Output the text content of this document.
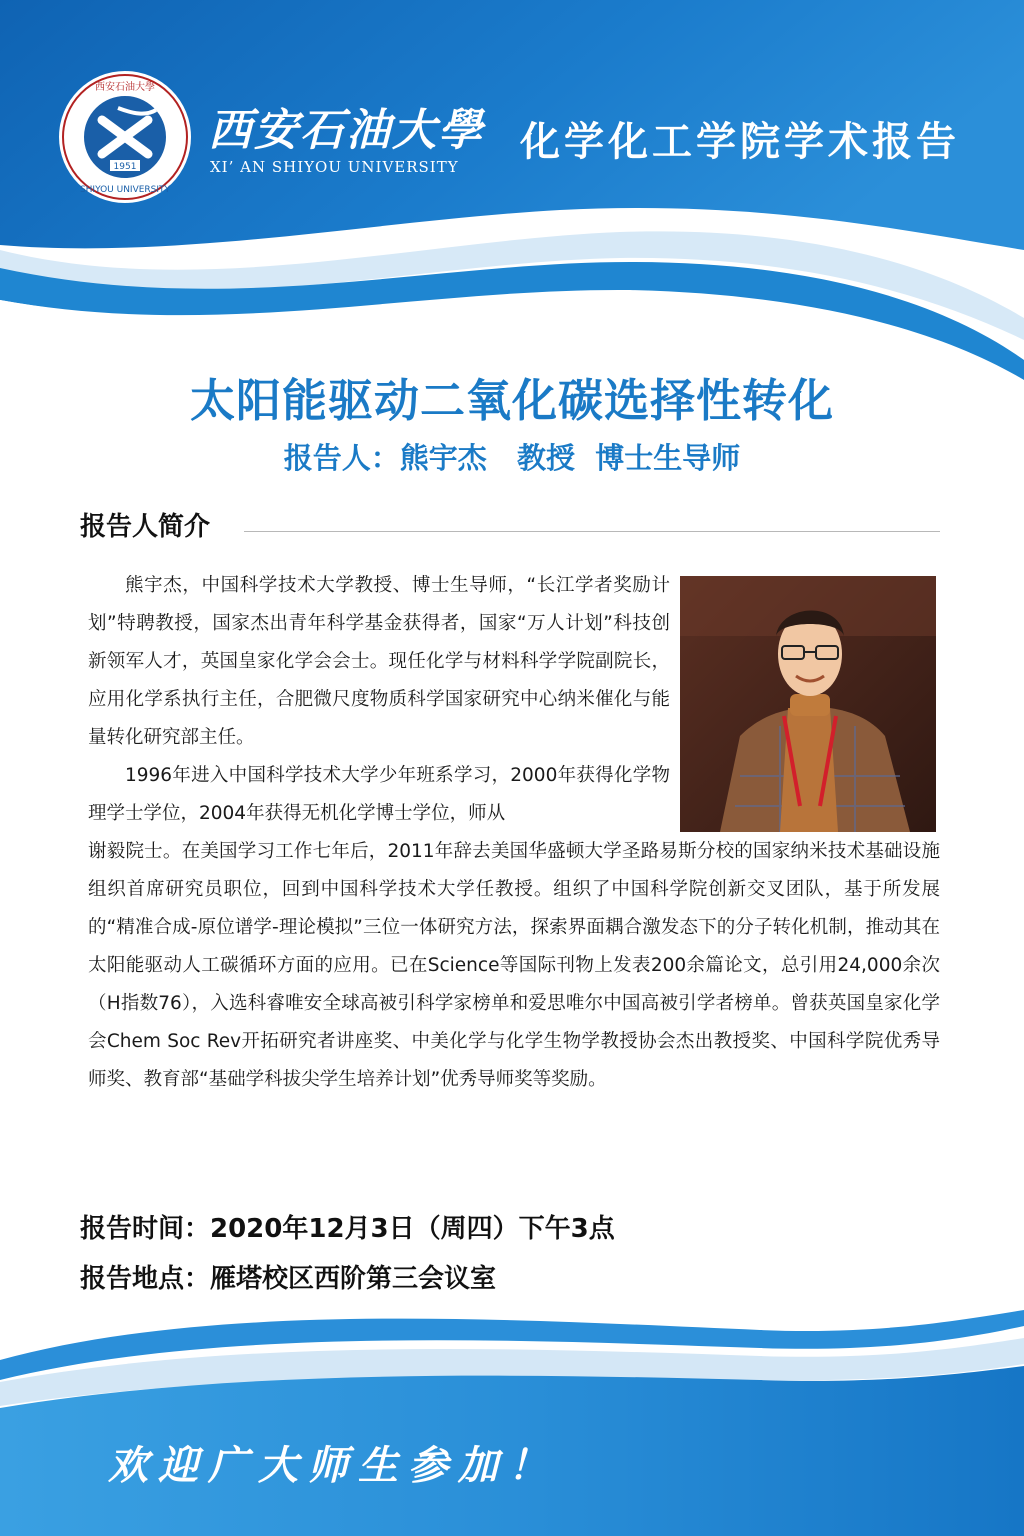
1951
SHIYOU UNIVERSITY
西安石油大學
西安石油大學
XI’ AN SHIYOU UNIVERSITY
化学化工学院学术报告
太阳能驱动二氧化碳选择性转化
报告人：熊宇杰   教授  博士生导师
报告人简介

熊宇杰，中国科学技术大学教授、博士生导师，“长江学者奖励计划”特聘教授，国家杰出青年科学基金获得者，国家“万人计划”科技创新领军人才，英国皇家化学会会士。现任化学与材料科学学院副院长，应用化学系执行主任，合肥微尺度物质科学国家研究中心纳米催化与能量转化研究部主任。

1996年进入中国科学技术大学少年班系学习，2000年获得化学物理学士学位，2004年获得无机化学博士学位，师从

谢毅院士。在美国学习工作七年后，2011年辞去美国华盛顿大学圣路易斯分校的国家纳米技术基础设施组织首席研究员职位，回到中国科学技术大学任教授。组织了中国科学院创新交叉团队，基于所发展的“精准合成-原位谱学-理论模拟”三位一体研究方法，探索界面耦合激发态下的分子转化机制，推动其在太阳能驱动人工碳循环方面的应用。已在Science等国际刊物上发表200余篇论文，总引用24,000余次（H指数76），入选科睿唯安全球高被引科学家榜单和爱思唯尔中国高被引学者榜单。曾获英国皇家化学会Chem Soc Rev开拓研究者讲座奖、中美化学与化学生物学教授协会杰出教授奖、中国科学院优秀导师奖、教育部“基础学科拔尖学生培养计划”优秀导师奖等奖励。

报告时间：2020年12月3日（周四）下午3点
报告地点：雁塔校区西阶第三会议室
欢迎广大师生参加！
